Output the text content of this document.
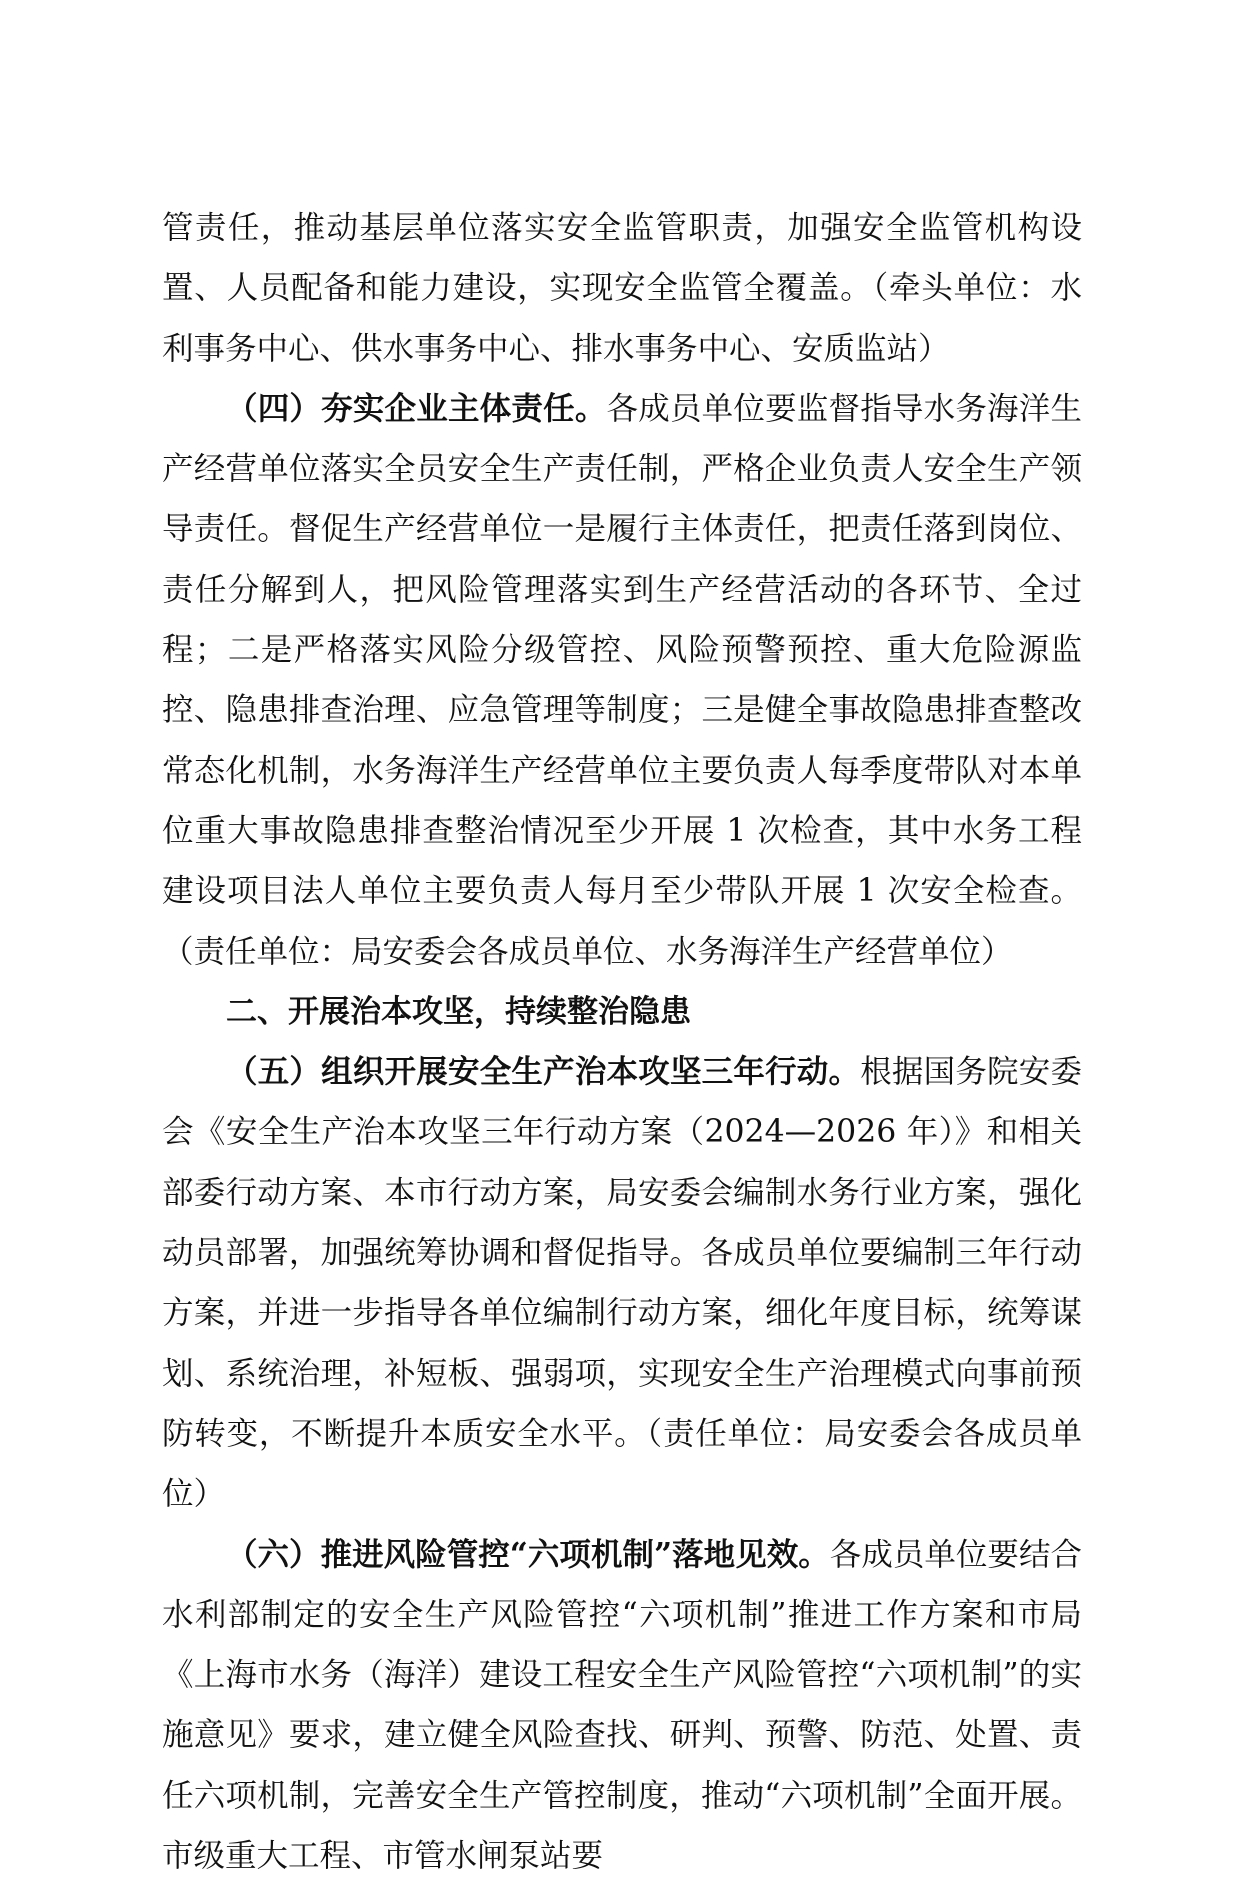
管责任，推动基层单位落实安全监管职责，加强安全监管机构设置、人员配备和能力建设，实现安全监管全覆盖。（牵头单位：水利事务中心、供水事务中心、排水事务中心、安质监站）

（四）夯实企业主体责任。各成员单位要监督指导水务海洋生产经营单位落实全员安全生产责任制，严格企业负责人安全生产领导责任。督促生产经营单位一是履行主体责任，把责任落到岗位、责任分解到人，把风险管理落实到生产经营活动的各环节、全过程；二是严格落实风险分级管控、风险预警预控、重大危险源监控、隐患排查治理、应急管理等制度；三是健全事故隐患排查整改常态化机制，水务海洋生产经营单位主要负责人每季度带队对本单位重大事故隐患排查整治情况至少开展 1 次检查，其中水务工程建设项目法人单位主要负责人每月至少带队开展 1 次安全检查。（责任单位：局安委会各成员单位、水务海洋生产经营单位）

二、开展治本攻坚，持续整治隐患

（五）组织开展安全生产治本攻坚三年行动。根据国务院安委会《安全生产治本攻坚三年行动方案（2024—2026 年）》和相关部委行动方案、本市行动方案，局安委会编制水务行业方案，强化动员部署，加强统筹协调和督促指导。各成员单位要编制三年行动方案，并进一步指导各单位编制行动方案，细化年度目标，统筹谋划、系统治理，补短板、强弱项，实现安全生产治理模式向事前预防转变，不断提升本质安全水平。（责任单位：局安委会各成员单位）

（六）推进风险管控“六项机制”落地见效。各成员单位要结合水利部制定的安全生产风险管控“六项机制”推进工作方案和市局《上海市水务（海洋）建设工程安全生产风险管控“六项机制”的实施意见》要求，建立健全风险查找、研判、预警、防范、处置、责任六项机制，完善安全生产管控制度，推动“六项机制”全面开展。市级重大工程、市管水闸泵站要
